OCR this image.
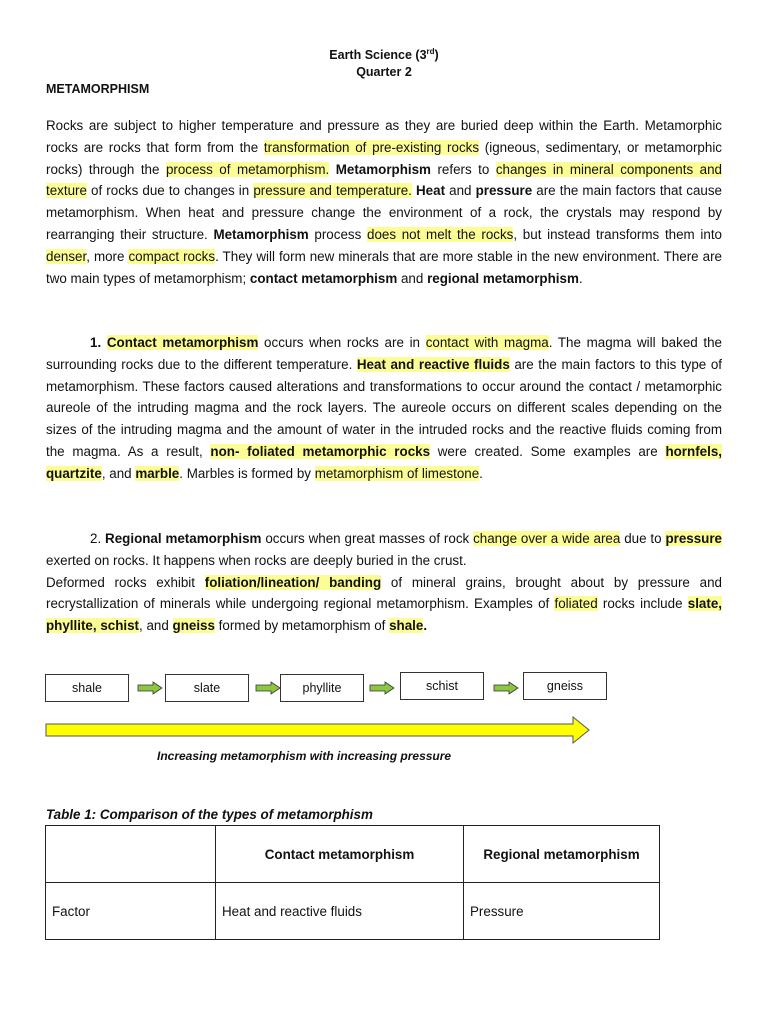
Earth Science (3rd)
Quarter 2
METAMORPHISM

Rocks are subject to higher temperature and pressure as they are buried deep within the Earth. Metamorphic rocks are rocks that form from the transformation of pre-existing rocks (igneous, sedimentary, or metamorphic rocks) through the process of metamorphism. Metamorphism refers to changes in mineral components and texture of rocks due to changes in pressure and temperature. Heat and pressure are the main factors that cause metamorphism. When heat and pressure change the environment of a rock, the crystals may respond by rearranging their structure. Metamorphism process does not melt the rocks, but instead transforms them into denser, more compact rocks. They will form new minerals that are more stable in the new environment. There are two main types of metamorphism; contact metamorphism and regional metamorphism.

1. Contact metamorphism occurs when rocks are in contact with magma. The magma will baked the surrounding rocks due to the different temperature. Heat and reactive fluids are the main factors to this type of metamorphism. These factors caused alterations and transformations to occur around the contact / metamorphic aureole of the intruding magma and the rock layers. The aureole occurs on different scales depending on the sizes of the intruding magma and the amount of water in the intruded rocks and the reactive fluids coming from the magma. As a result, non- foliated metamorphic rocks were created. Some examples are hornfels, quartzite, and marble. Marbles is formed by metamorphism of limestone.

2. Regional metamorphism occurs when great masses of rock change over a wide area due to pressure exerted on rocks. It happens when rocks are deeply buried in the crust.
Deformed rocks exhibit foliation/lineation/ banding of mineral grains, brought about by pressure and recrystallization of minerals while undergoing regional metamorphism. Examples of foliated rocks include slate, phyllite, schist, and gneiss formed by metamorphism of shale.

shale	slate	phyllite	schist	gneiss
Increasing metamorphism with increasing pressure
Table 1: Comparison of the types of metamorphism
	Contact metamorphism	Regional metamorphism
Factor	Heat and reactive fluids	Pressure
